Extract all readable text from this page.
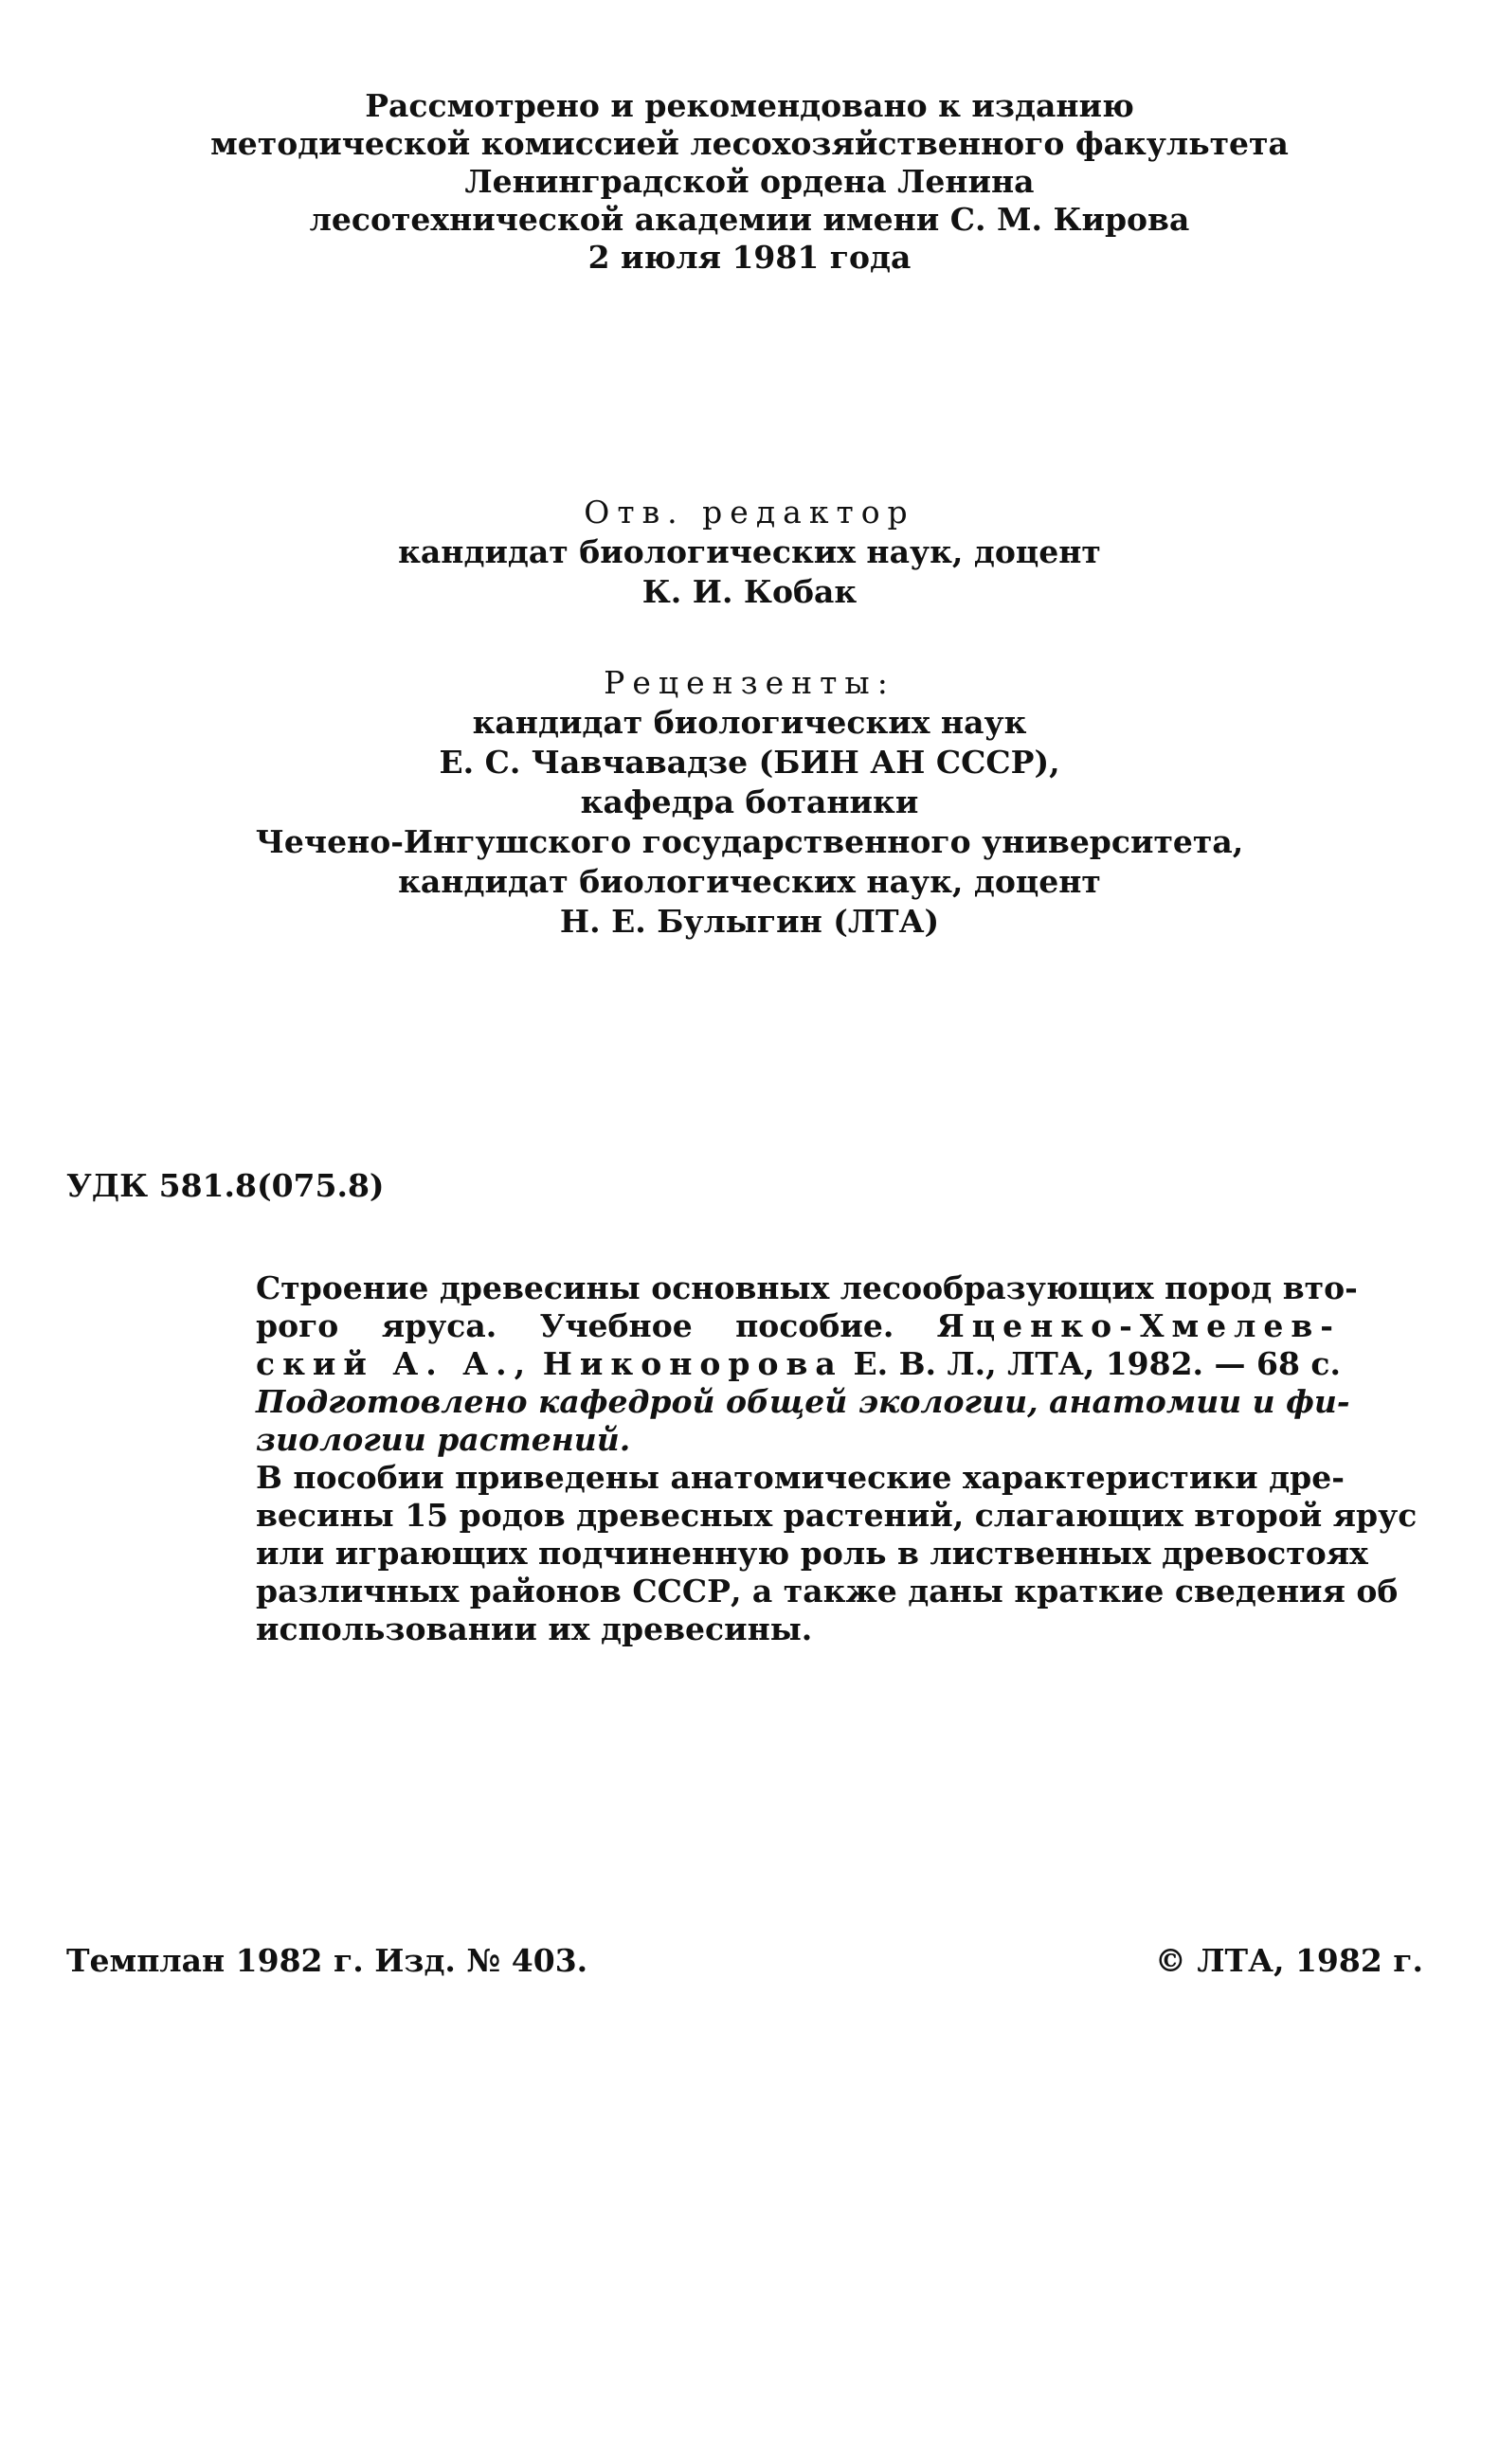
Рассмотрено и рекомендовано к изданию
методической комиссией лесохозяйственного факультета
Ленинградской ордена Ленина
лесотехнической академии имени С. М. Кирова
2 июля 1981 года
Отв. редактор
кандидат биологических наук, доцент
К. И. Кобак
Рецензенты:
кандидат биологических наук
Е. С. Чавчавадзе (БИН АН СССР),
кафедра ботаники
Чечено-Ингушского государственного университета,
кандидат биологических наук, доцент
Н. Е. Булыгин (ЛТА)
УДК 581.8(075.8)
Строение древесины основных лесообразующих пород вто-
рого яруса. Учебное пособие. Яценко-Хмелев-
ский А. А., Никонорова Е. В. Л., ЛТА, 1982. — 68 с.

Подготовлено кафедрой общей экологии, анатомии и фи-
зиологии растений.

В пособии приведены анатомические характеристики дре-
весины 15 родов древесных растений, слагающих второй ярус
или играющих подчиненную роль в лиственных древостоях
различных районов СССР, а также даны краткие сведения об
использовании их древесины.

Темплан 1982 г. Изд. № 403.	© ЛТА, 1982 г.
